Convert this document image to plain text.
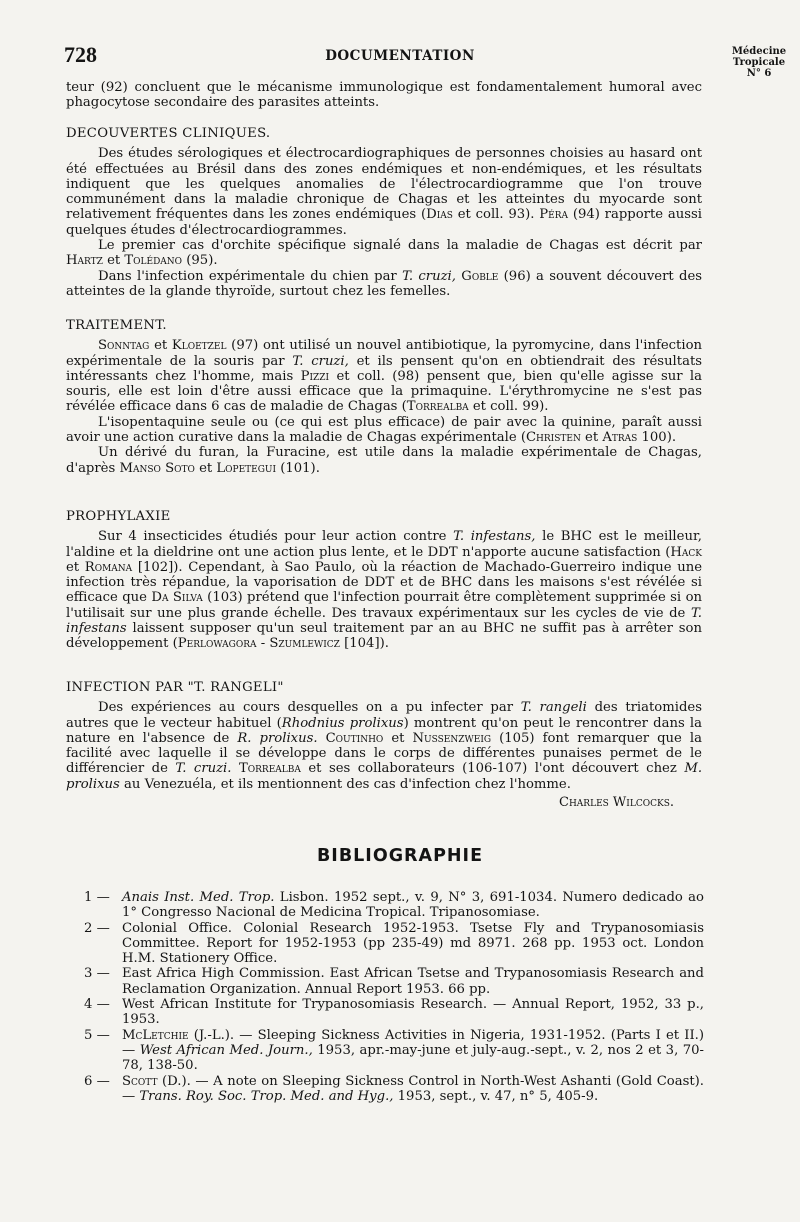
728	DOCUMENTATION	Médecine
Tropicale
N° 6

teur (92) concluent que le mécanisme immunologique est fondamentalement humoral avec phagocytose secondaire des parasites atteints.

DECOUVERTES CLINIQUES.

Des études sérologiques et électrocardiographiques de personnes choisies au hasard ont été effectuées au Brésil dans des zones endémiques et non-endémiques, et les résultats indiquent que les quelques anomalies de l'électrocardiogramme que l'on trouve communément dans la maladie chronique de Chagas et les atteintes du myocarde sont relativement fréquentes dans les zones endémiques (Dias et coll. 93). Péra (94) rapporte aussi quelques études d'électrocardiogrammes.

Le premier cas d'orchite spécifique signalé dans la maladie de Chagas est décrit par Hartz et Tolédano (95).

Dans l'infection expérimentale du chien par T. cruzi, Goble (96) a souvent découvert des atteintes de la glande thyroïde, surtout chez les femelles.

TRAITEMENT.

Sonntag et Kloetzel (97) ont utilisé un nouvel antibiotique, la pyromycine, dans l'infection expérimentale de la souris par T. cruzi, et ils pensent qu'on en obtiendrait des résultats intéressants chez l'homme, mais Pizzi et coll. (98) pensent que, bien qu'elle agisse sur la souris, elle est loin d'être aussi efficace que la primaquine. L'érythromycine ne s'est pas révélée efficace dans 6 cas de maladie de Chagas (Torrealba et coll. 99).

L'isopentaquine seule ou (ce qui est plus efficace) de pair avec la quinine, paraît aussi avoir une action curative dans la maladie de Chagas expérimentale (Christen et Atras 100).

Un dérivé du furan, la Furacine, est utile dans la maladie expérimentale de Chagas, d'après Manso Soto et Lopetegui (101).

PROPHYLAXIE

Sur 4 insecticides étudiés pour leur action contre T. infestans, le BHC est le meilleur, l'aldine et la dieldrine ont une action plus lente, et le DDT n'apporte aucune satisfaction (Hack et Romana [102]). Cependant, à Sao Paulo, où la réaction de Machado-Guerreiro indique une infection très répandue, la vaporisation de DDT et de BHC dans les maisons s'est révélée si efficace que Da Silva (103) prétend que l'infection pourrait être complètement supprimée si on l'utilisait sur une plus grande échelle. Des travaux expérimentaux sur les cycles de vie de T. infestans laissent supposer qu'un seul traitement par an au BHC ne suffit pas à arrêter son développement (Perlowagora - Szumlewicz [104]).

INFECTION PAR "T. RANGELI"

Des expériences au cours desquelles on a pu infecter par T. rangeli des triatomides autres que le vecteur habituel (Rhodnius prolixus) montrent qu'on peut le rencontrer dans la nature en l'absence de R. prolixus. Coutinho et Nussenzweig (105) font remarquer que la facilité avec laquelle il se développe dans le corps de différentes punaises permet de le différencier de T. cruzi. Torrealba et ses collaborateurs (106-107) l'ont découvert chez M. prolixus au Venezuéla, et ils mentionnent des cas d'infection chez l'homme.

Charles Wilcocks.

BIBLIOGRAPHIE

1 — Anais Inst. Med. Trop. Lisbon. 1952 sept., v. 9, N° 3, 691-1034. Numero dedicado ao 1° Congresso Nacional de Medicina Tropical. Tripanosomiase.

2 — Colonial Office. Colonial Research 1952-1953. Tsetse Fly and Trypanosomiasis Committee. Report for 1952-1953 (pp 235-49) md 8971. 268 pp. 1953 oct. London H.M. Stationery Office.

3 — East Africa High Commission. East African Tsetse and Trypanosomiasis Research and Reclamation Organization. Annual Report 1953. 66 pp.

4 — West African Institute for Trypanosomiasis Research. — Annual Report, 1952, 33 p., 1953.

5 — McLetchie (J.-L.). — Sleeping Sickness Activities in Nigeria, 1931-1952. (Parts I et II.) — West African Med. Journ., 1953, apr.-may-june et july-aug.-sept., v. 2, nos 2 et 3, 70-78, 138-50.

6 — Scott (D.). — A note on Sleeping Sickness Control in North-West Ashanti (Gold Coast). — Trans. Roy. Soc. Trop. Med. and Hyg., 1953, sept., v. 47, n° 5, 405-9.
